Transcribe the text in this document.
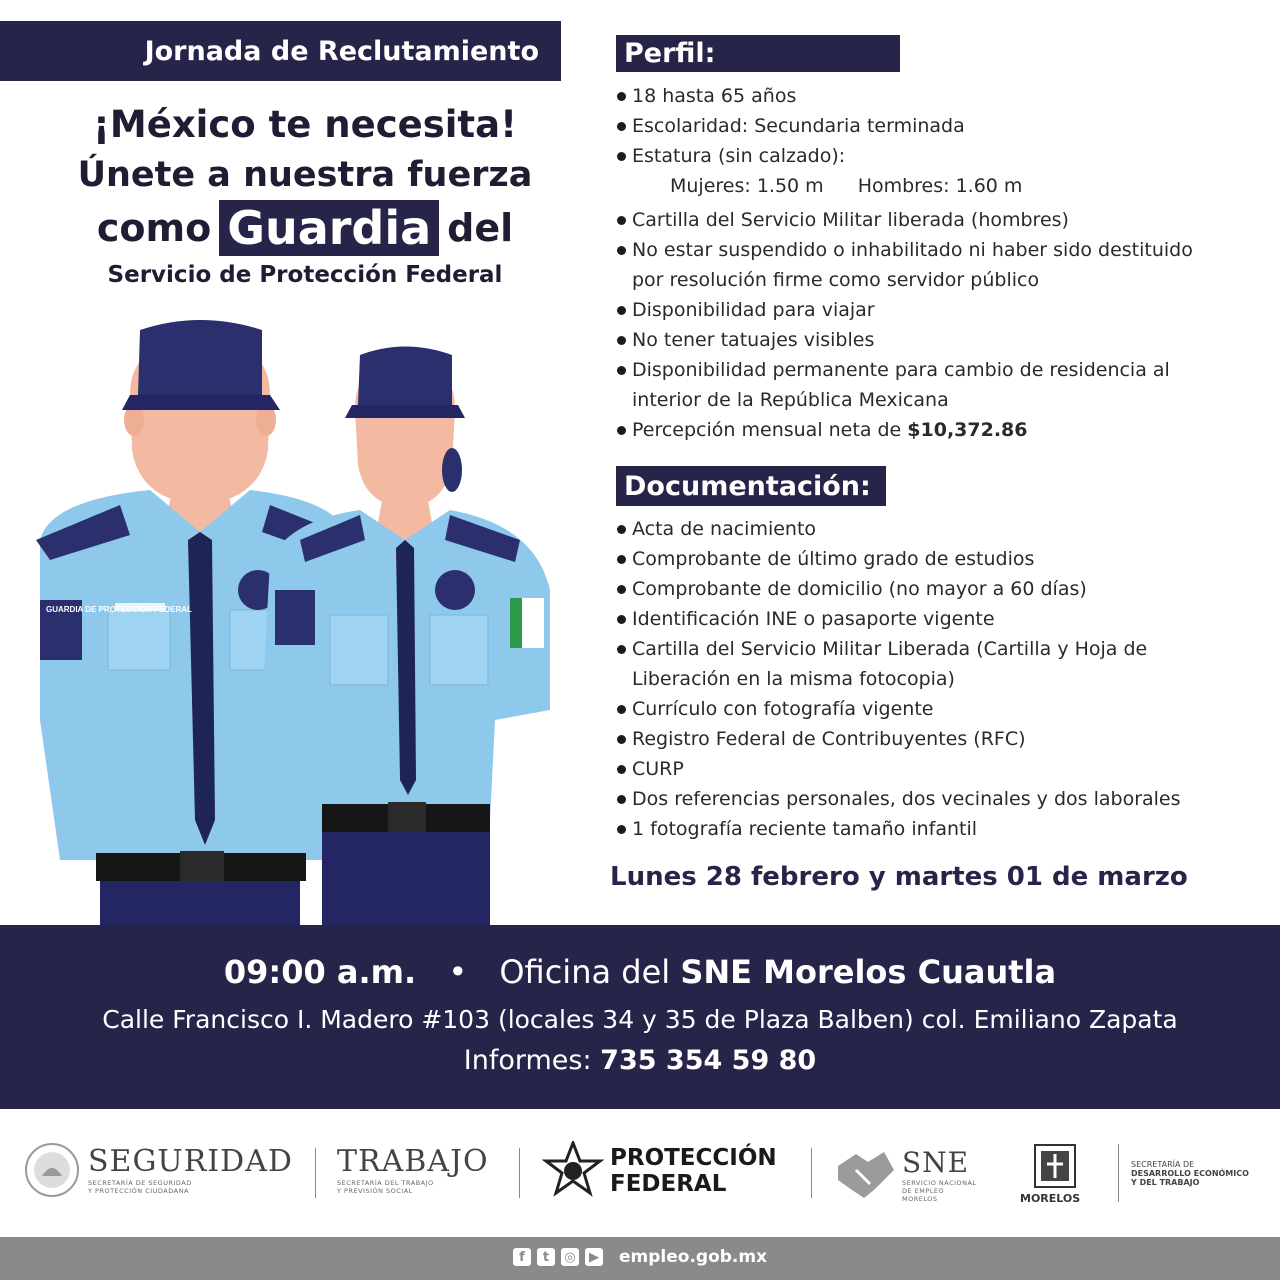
Jornada de Reclutamiento
¡México te necesita!
Únete a nuestra fuerza
como Guardia del
Servicio de Protección Federal
GUARDIA DE PROTECCIÓN FEDERAL
Perfil:
18 hasta 65 años
Escolaridad: Secundaria terminada
Estatura (sin calzado):
Mujeres: 1.50 m Hombres: 1.60 m
Cartilla del Servicio Militar liberada (hombres)
No estar suspendido o inhabilitado ni haber sido destituido
por resolución firme como servidor público
Disponibilidad para viajar
No tener tatuajes visibles
Disponibilidad permanente para cambio de residencia al
interior de la República Mexicana
Percepción mensual neta de $10,372.86
Documentación:
Acta de nacimiento
Comprobante de último grado de estudios
Comprobante de domicilio (no mayor a 60 días)
Identificación INE o pasaporte vigente
Cartilla del Servicio Militar Liberada (Cartilla y Hoja de
Liberación en la misma fotocopia)
Currículo con fotografía vigente
Registro Federal de Contribuyentes (RFC)
CURP
Dos referencias personales, dos vecinales y dos laborales
1 fotografía reciente tamaño infantil
Lunes 28 febrero y martes 01 de marzo
09:00 a.m. • Oficina del SNE Morelos Cuautla
Calle Francisco I. Madero #103 (locales 34 y 35 de Plaza Balben) col. Emiliano Zapata
Informes: 735 354 59 80
SEGURIDAD
SECRETARÍA DE SEGURIDAD
Y PROTECCIÓN CIUDADANA
TRABAJO
SECRETARÍA DEL TRABAJO
Y PREVISIÓN SOCIAL
PROTECCIÓN
FEDERAL
SNE
SERVICIO NACIONAL
DE EMPLEO
MORELOS	MORELOS
SECRETARÍA DE
DESARROLLO ECONÓMICO
Y DEL TRABAJO
f	t	◎	▶ empleo.gob.mx
